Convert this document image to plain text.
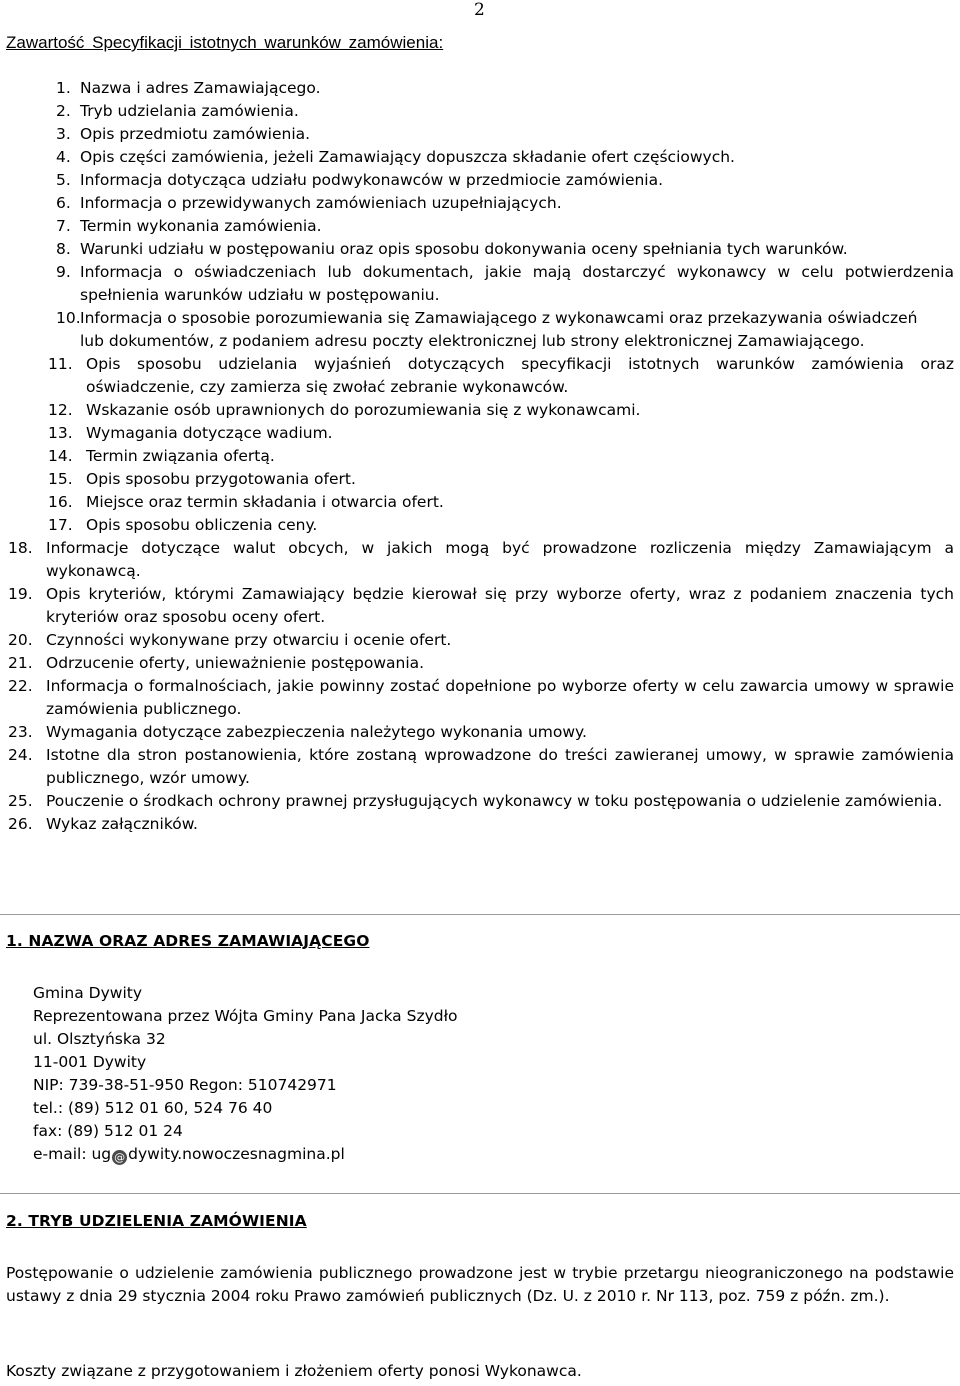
2
Zawartość Specyfikacji istotnych warunków zamówienia:
1. Nazwa i adres Zamawiającego.
2. Tryb udzielania zamówienia.
3. Opis przedmiotu zamówienia.
4. Opis części zamówienia, jeżeli Zamawiający dopuszcza składanie ofert częściowych.
5. Informacja dotycząca udziału podwykonawców w przedmiocie zamówienia.
6. Informacja o przewidywanych zamówieniach uzupełniających.
7. Termin wykonania zamówienia.
8. Warunki udziału w postępowaniu oraz opis sposobu dokonywania oceny spełniania tych warunków.
9. Informacja o oświadczeniach lub dokumentach, jakie mają dostarczyć wykonawcy w celu potwierdzenia spełnienia warunków udziału w postępowaniu.
10. Informacja o sposobie porozumiewania się Zamawiającego z wykonawcami oraz przekazywania oświadczeń
lub dokumentów, z podaniem adresu poczty elektronicznej lub strony elektronicznej Zamawiającego.
11. Opis sposobu udzielania wyjaśnień dotyczących specyfikacji istotnych warunków zamówienia oraz oświadczenie, czy zamierza się zwołać zebranie wykonawców.
12. Wskazanie osób uprawnionych do porozumiewania się z wykonawcami.
13. Wymagania dotyczące wadium.
14. Termin związania ofertą.
15. Opis sposobu przygotowania ofert.
16. Miejsce oraz termin składania i otwarcia ofert.
17. Opis sposobu obliczenia ceny.
18. Informacje dotyczące walut obcych, w jakich mogą być prowadzone rozliczenia między Zamawiającym a wykonawcą.
19. Opis kryteriów, którymi Zamawiający będzie kierował się przy wyborze oferty, wraz z podaniem znaczenia tych kryteriów oraz sposobu oceny ofert.
20. Czynności wykonywane przy otwarciu i ocenie ofert.
21. Odrzucenie oferty, unieważnienie postępowania.
22. Informacja o formalnościach, jakie powinny zostać dopełnione po wyborze oferty w celu zawarcia umowy w sprawie zamówienia publicznego.
23. Wymagania dotyczące zabezpieczenia należytego wykonania umowy.
24. Istotne dla stron postanowienia, które zostaną wprowadzone do treści zawieranej umowy, w sprawie zamówienia publicznego, wzór umowy.
25. Pouczenie o środkach ochrony prawnej przysługujących wykonawcy w toku postępowania o udzielenie zamówienia.
26. Wykaz załączników.
1. NAZWA ORAZ ADRES ZAMAWIAJĄCEGO
Gmina Dywity
Reprezentowana przez Wójta Gminy Pana Jacka Szydło
ul. Olsztyńska 32
11-001 Dywity
NIP: 739-38-51-950 Regon: 510742971
tel.: (89) 512 01 60, 524 76 40
fax: (89) 512 01 24
e-mail: ug @ dywity.nowoczesnagmina.pl
2. TRYB UDZIELENIA ZAMÓWIENIA

Postępowanie o udzielenie zamówienia publicznego prowadzone jest w trybie przetargu nieograniczonego na podstawie ustawy z dnia 29 stycznia 2004 roku Prawo zamówień publicznych (Dz. U. z 2010 r. Nr 113, poz. 759 z późn. zm.).

Koszty związane z przygotowaniem i złożeniem oferty ponosi Wykonawca.
